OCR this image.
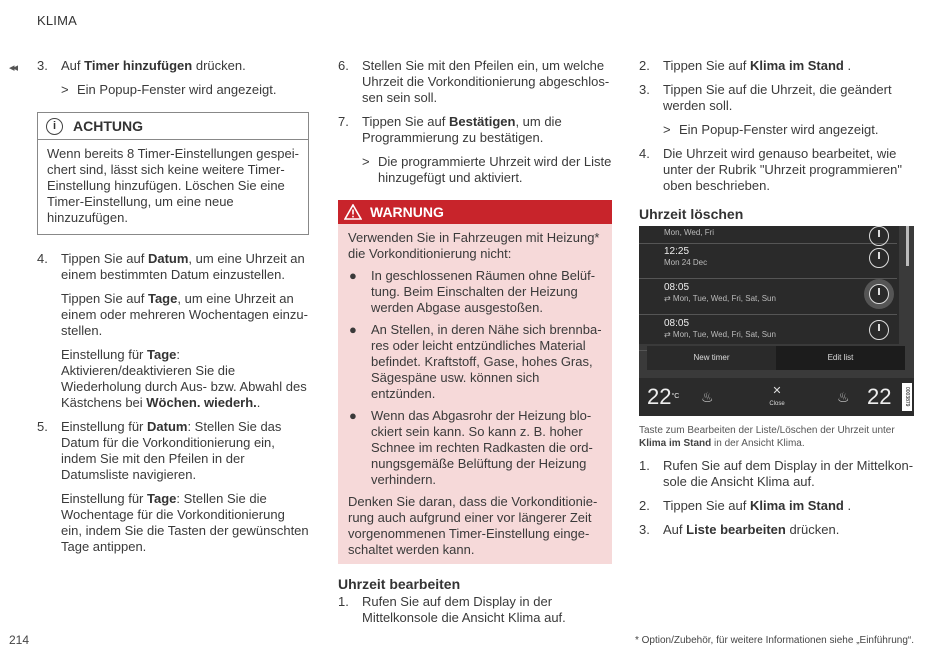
KLIMA
◂◂ 3.	Auf Timer hinzufügen drücken.

> Ein Popup-Fenster wird angezeigt.
i	ACHTUNG
Wenn bereits 8 Timer-Einstellungen gespeichert sind, lässt sich keine weitere Timer-Einstellung hinzufügen. Löschen Sie eine Timer-Einstellung, um eine neue hinzuzufügen.
4.	Tippen Sie auf Datum, um eine Uhrzeit an einem bestimmten Datum einzustellen.

Tippen Sie auf Tage, um eine Uhrzeit an einem oder mehreren Wochentagen einzustellen.

Einstellung für Tage: Aktivieren/deaktivieren Sie die Wiederholung durch Aus- bzw. Abwahl des Kästchens bei Wöchen. wiederh..

5.	Einstellung für Datum: Stellen Sie das Datum für die Vorkonditionierung ein, indem Sie mit den Pfeilen in der Datumsliste navigieren.

Einstellung für Tage: Stellen Sie die Wochentage für die Vorkonditionierung ein, indem Sie die Tasten der gewünschten Tage antippen.

6.	Stellen Sie mit den Pfeilen ein, um welche Uhrzeit die Vorkonditionierung abgeschlossen sein soll.

7.	Tippen Sie auf Bestätigen, um die Programmierung zu bestätigen.

> Die programmierte Uhrzeit wird der Liste hinzugefügt und aktiviert.
WARNUNG

Verwenden Sie in Fahrzeugen mit Heizung* die Vorkonditionierung nicht:

●	In geschlossenen Räumen ohne Belüftung. Beim Einschalten der Heizung werden Abgase ausgestoßen.
●	An Stellen, in deren Nähe sich brennbares oder leicht entzündliches Material befindet. Kraftstoff, Gase, hohes Gras, Sägespäne usw. können sich entzünden.
●	Wenn das Abgasrohr der Heizung blockiert sein kann. So kann z. B. hoher Schnee im rechten Radkasten die ordnungsgemäße Belüftung der Heizung verhindern.

Denken Sie daran, dass die Vorkonditionierung auch aufgrund einer vor längerer Zeit vorgenommenen Timer-Einstellung eingeschaltet werden kann.

Uhrzeit bearbeiten
1.	Rufen Sie auf dem Display in der Mittelkonsole die Ansicht Klima auf.

2.	Tippen Sie auf Klima im Stand .

3.	Tippen Sie auf die Uhrzeit, die geändert werden soll.

> Ein Popup-Fenster wird angezeigt.
4.	Die Uhrzeit wird genauso bearbeitet, wie unter der Rubrik "Uhrzeit programmieren" oben beschrieben.

Uhrzeit löschen
Mon, Wed, Fri
12:25
Mon 24 Dec
08:05
⇄ Mon, Tue, Wed, Fri, Sat, Sun
08:05
⇄ Mon, Tue, Wed, Fri, Sat, Sun
New timer	Edit list
$22^{^\circ C}$ ♨	✕
Close	♨ 22	0003879
Taste zum Bearbeiten der Liste/Löschen der Uhrzeit unter Klima im Stand in der Ansicht Klima.
1.	Rufen Sie auf dem Display in der Mittelkonsole die Ansicht Klima auf.

2.	Tippen Sie auf Klima im Stand .

3.	Auf Liste bearbeiten drücken.

214	* Option/Zubehör, für weitere Informationen siehe „Einführung“.
